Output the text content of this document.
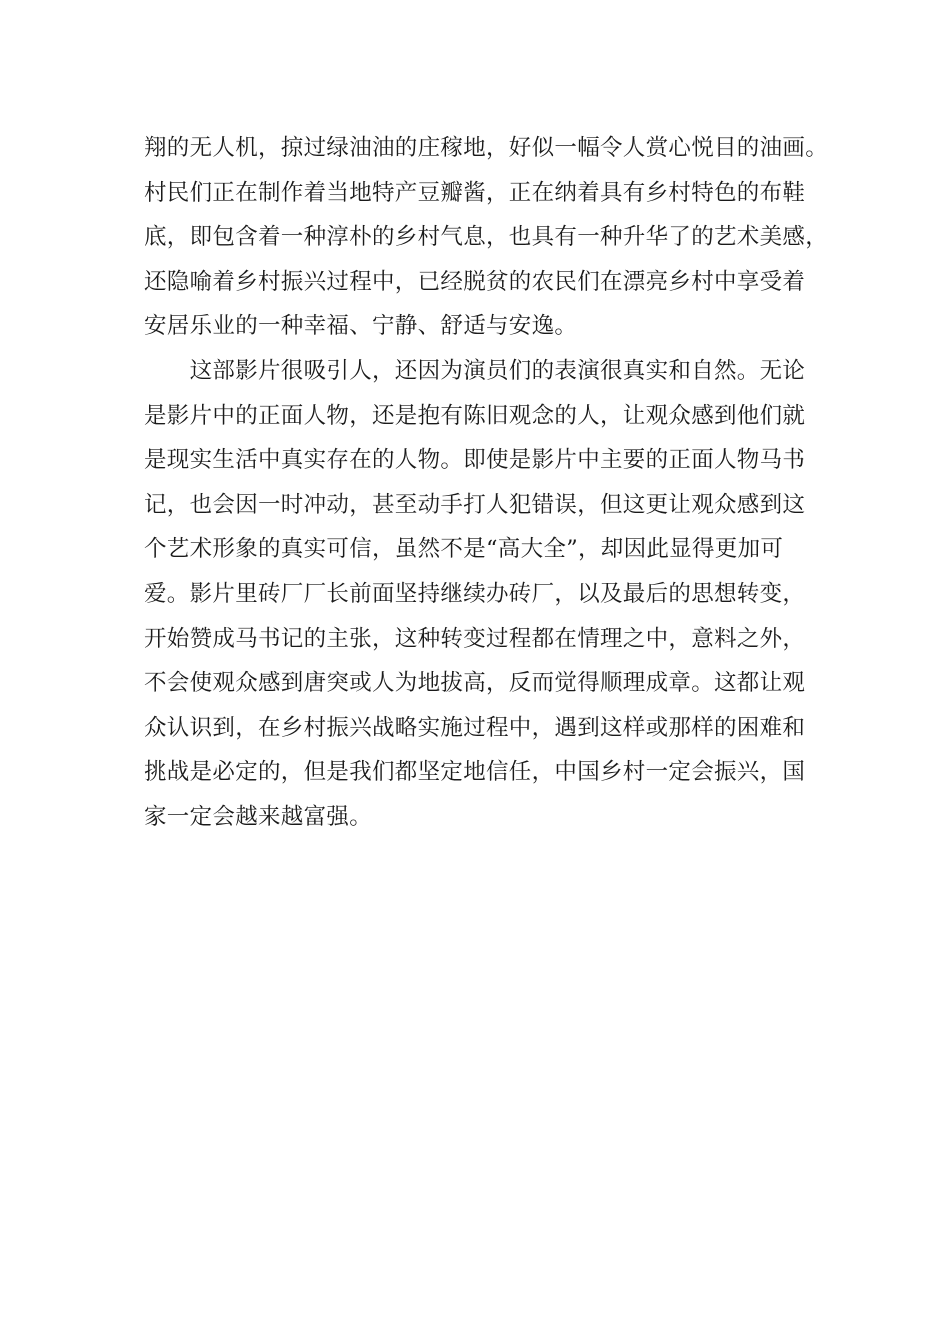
翔的无人机，掠过绿油油的庄稼地，好似一幅令人赏心悦目的油画。
村民们正在制作着当地特产豆瓣酱，正在纳着具有乡村特色的布鞋
底，即包含着一种淳朴的乡村气息，也具有一种升华了的艺术美感，
还隐喻着乡村振兴过程中，已经脱贫的农民们在漂亮乡村中享受着
安居乐业的一种幸福、宁静、舒适与安逸。
　　这部影片很吸引人，还因为演员们的表演很真实和自然。无论
是影片中的正面人物，还是抱有陈旧观念的人，让观众感到他们就
是现实生活中真实存在的人物。即使是影片中主要的正面人物马书
记，也会因一时冲动，甚至动手打人犯错误，但这更让观众感到这
个艺术形象的真实可信，虽然不是“高大全”，却因此显得更加可
爱。影片里砖厂厂长前面坚持继续办砖厂，以及最后的思想转变，
开始赞成马书记的主张，这种转变过程都在情理之中，意料之外，
不会使观众感到唐突或人为地拔高，反而觉得顺理成章。这都让观
众认识到，在乡村振兴战略实施过程中，遇到这样或那样的困难和
挑战是必定的，但是我们都坚定地信任，中国乡村一定会振兴，国
家一定会越来越富强。
